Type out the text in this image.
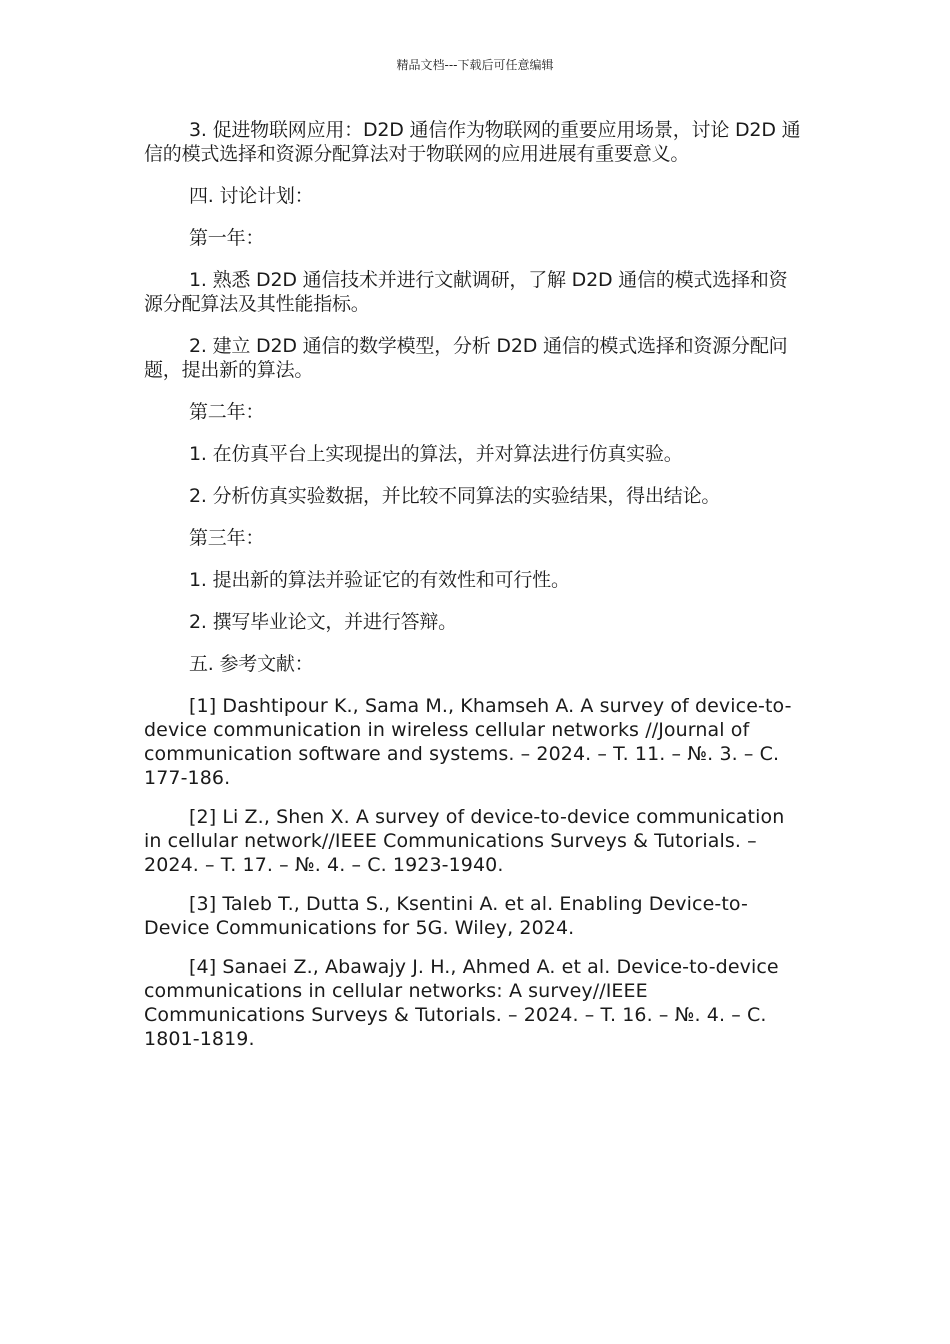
精品文档---下载后可任意编辑

3. 促进物联网应用：D2D 通信作为物联网的重要应用场景，讨论 D2D 通信的模式选择和资源分配算法对于物联网的应用进展有重要意义。

四. 讨论计划：

第一年：

1. 熟悉 D2D 通信技术并进行文献调研，了解 D2D 通信的模式选择和资源分配算法及其性能指标。

2. 建立 D2D 通信的数学模型，分析 D2D 通信的模式选择和资源分配问题，提出新的算法。

第二年：

1. 在仿真平台上实现提出的算法，并对算法进行仿真实验。

2. 分析仿真实验数据，并比较不同算法的实验结果，得出结论。

第三年：

1. 提出新的算法并验证它的有效性和可行性。

2. 撰写毕业论文，并进行答辩。

五. 参考文献：

[1] Dashtipour K., Sama M., Khamseh A. A survey of device-to-device communication in wireless cellular networks //Journal of communication software and systems. – 2024. – T. 11. – №. 3. – C. 177-186.

[2] Li Z., Shen X. A survey of device-to-device communication in cellular network//IEEE Communications Surveys & Tutorials. – 2024. – T. 17. – №. 4. – C. 1923-1940.

[3] Taleb T., Dutta S., Ksentini A. et al. Enabling Device-to-Device Communications for 5G. Wiley, 2024.

[4] Sanaei Z., Abawajy J. H., Ahmed A. et al. Device-to-device communications in cellular networks: A survey//IEEE Communications Surveys & Tutorials. – 2024. – T. 16. – №. 4. – C. 1801-1819.
